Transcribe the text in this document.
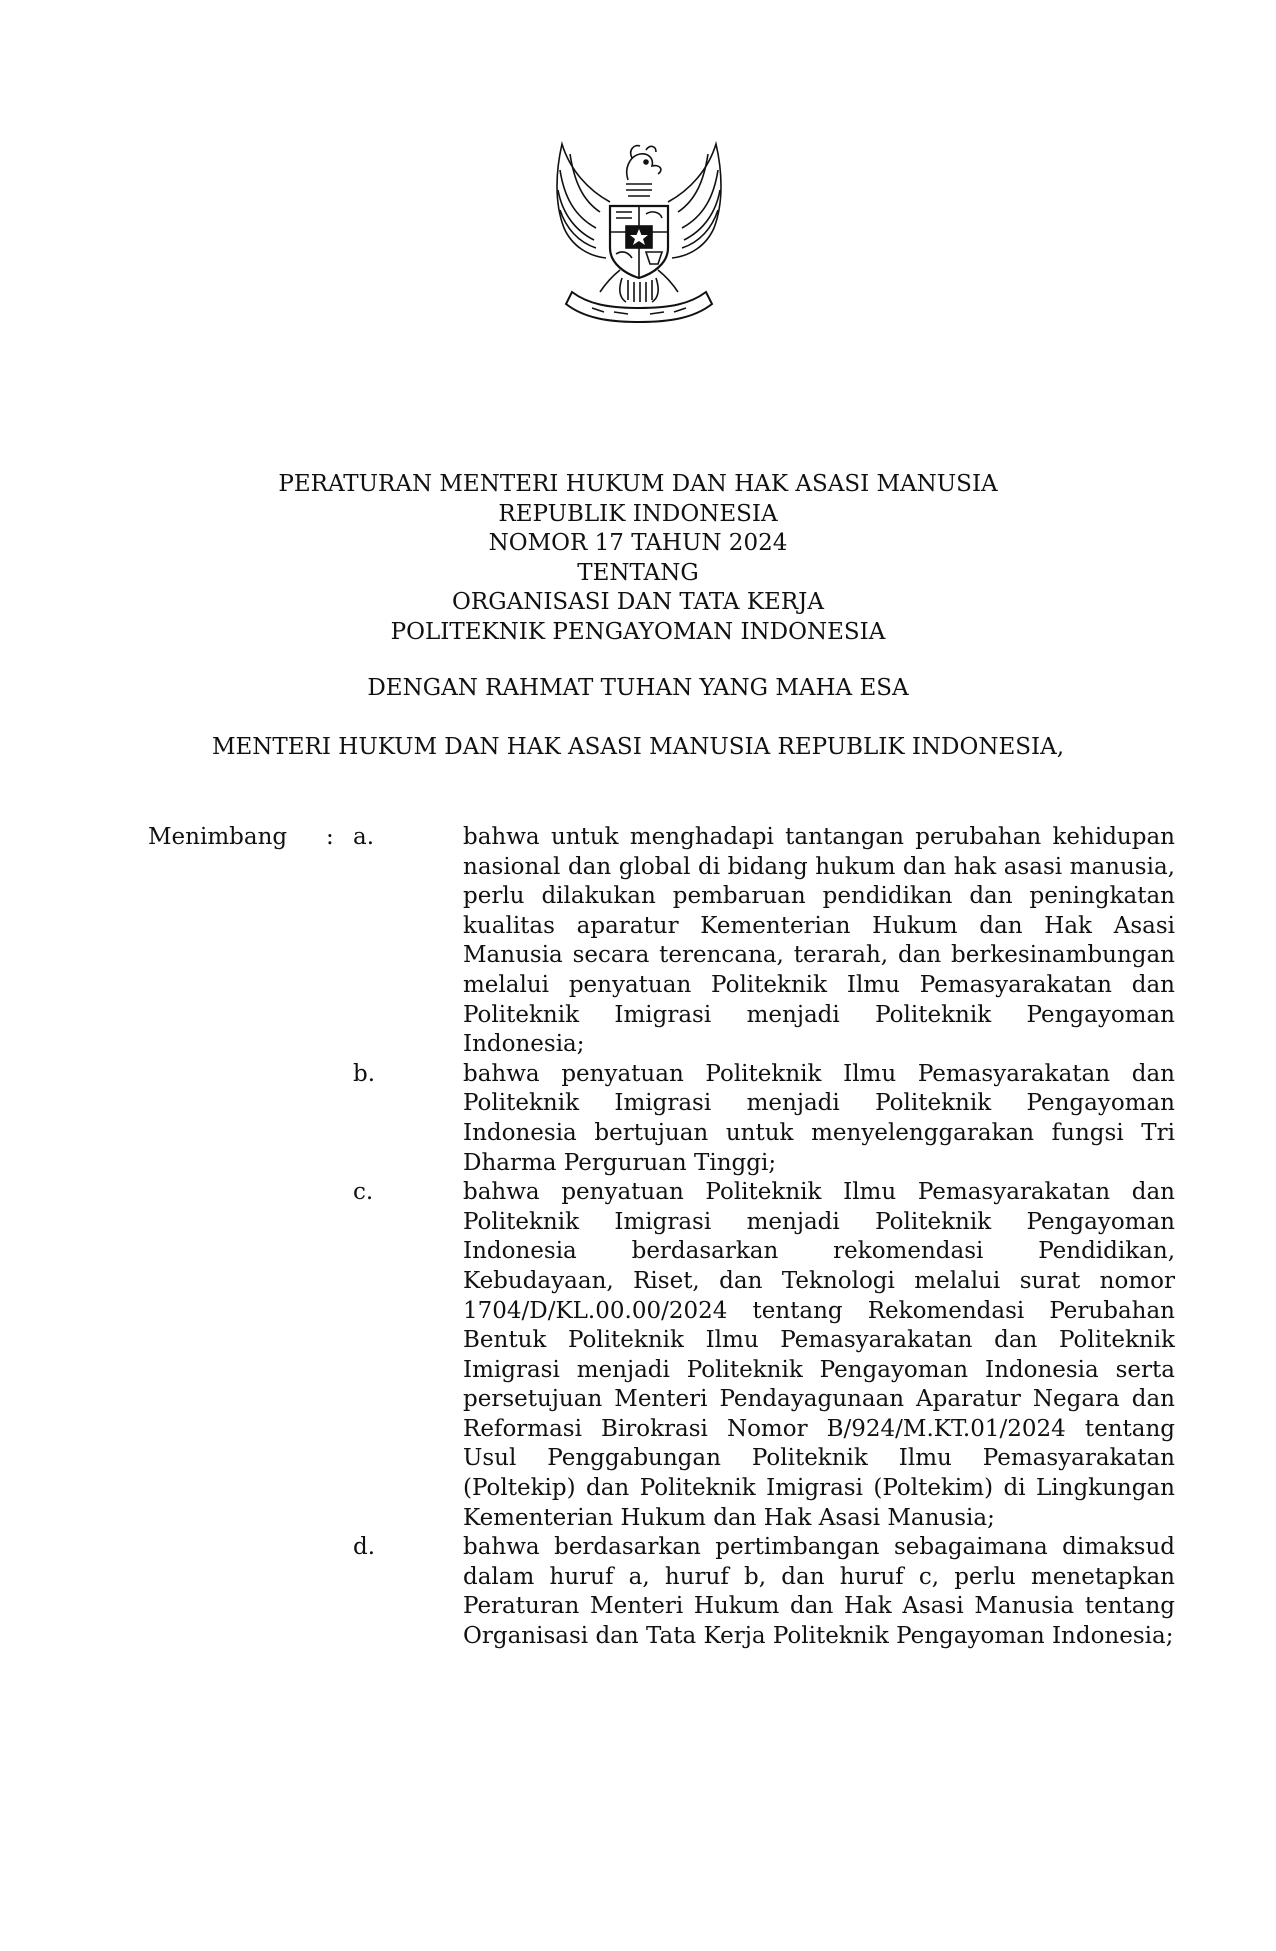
PERATURAN MENTERI HUKUM DAN HAK ASASI MANUSIA
REPUBLIK INDONESIA
NOMOR 17 TAHUN 2024
TENTANG
ORGANISASI DAN TATA KERJA
POLITEKNIK PENGAYOMAN INDONESIA
DENGAN RAHMAT TUHAN YANG MAHA ESA
MENTERI HUKUM DAN HAK ASASI MANUSIA REPUBLIK INDONESIA,
Menimbang : a.	bahwa untuk menghadapi tantangan perubahan kehidupan nasional dan global di bidang hukum dan hak asasi manusia, perlu dilakukan pembaruan pendidikan dan peningkatan kualitas aparatur Kementerian Hukum dan Hak Asasi Manusia secara terencana, terarah, dan berkesinambungan melalui penyatuan Politeknik Ilmu Pemasyarakatan dan Politeknik Imigrasi menjadi Politeknik Pengayoman Indonesia;
b.	bahwa penyatuan Politeknik Ilmu Pemasyarakatan dan Politeknik Imigrasi menjadi Politeknik Pengayoman Indonesia bertujuan untuk menyelenggarakan fungsi Tri Dharma Perguruan Tinggi;
c.	bahwa penyatuan Politeknik Ilmu Pemasyarakatan dan Politeknik Imigrasi menjadi Politeknik Pengayoman Indonesia berdasarkan rekomendasi Pendidikan, Kebudayaan, Riset, dan Teknologi melalui surat nomor 1704/D/KL.00.00/2024 tentang Rekomendasi Perubahan Bentuk Politeknik Ilmu Pemasyarakatan dan Politeknik Imigrasi menjadi Politeknik Pengayoman Indonesia serta persetujuan Menteri Pendayagunaan Aparatur Negara dan Reformasi Birokrasi Nomor B/924/M.KT.01/2024 tentang Usul Penggabungan Politeknik Ilmu Pemasyarakatan (Poltekip) dan Politeknik Imigrasi (Poltekim) di Lingkungan Kementerian Hukum dan Hak Asasi Manusia;
d.	bahwa berdasarkan pertimbangan sebagaimana dimaksud dalam huruf a, huruf b, dan huruf c, perlu menetapkan Peraturan Menteri Hukum dan Hak Asasi Manusia tentang Organisasi dan Tata Kerja Politeknik Pengayoman Indonesia;
